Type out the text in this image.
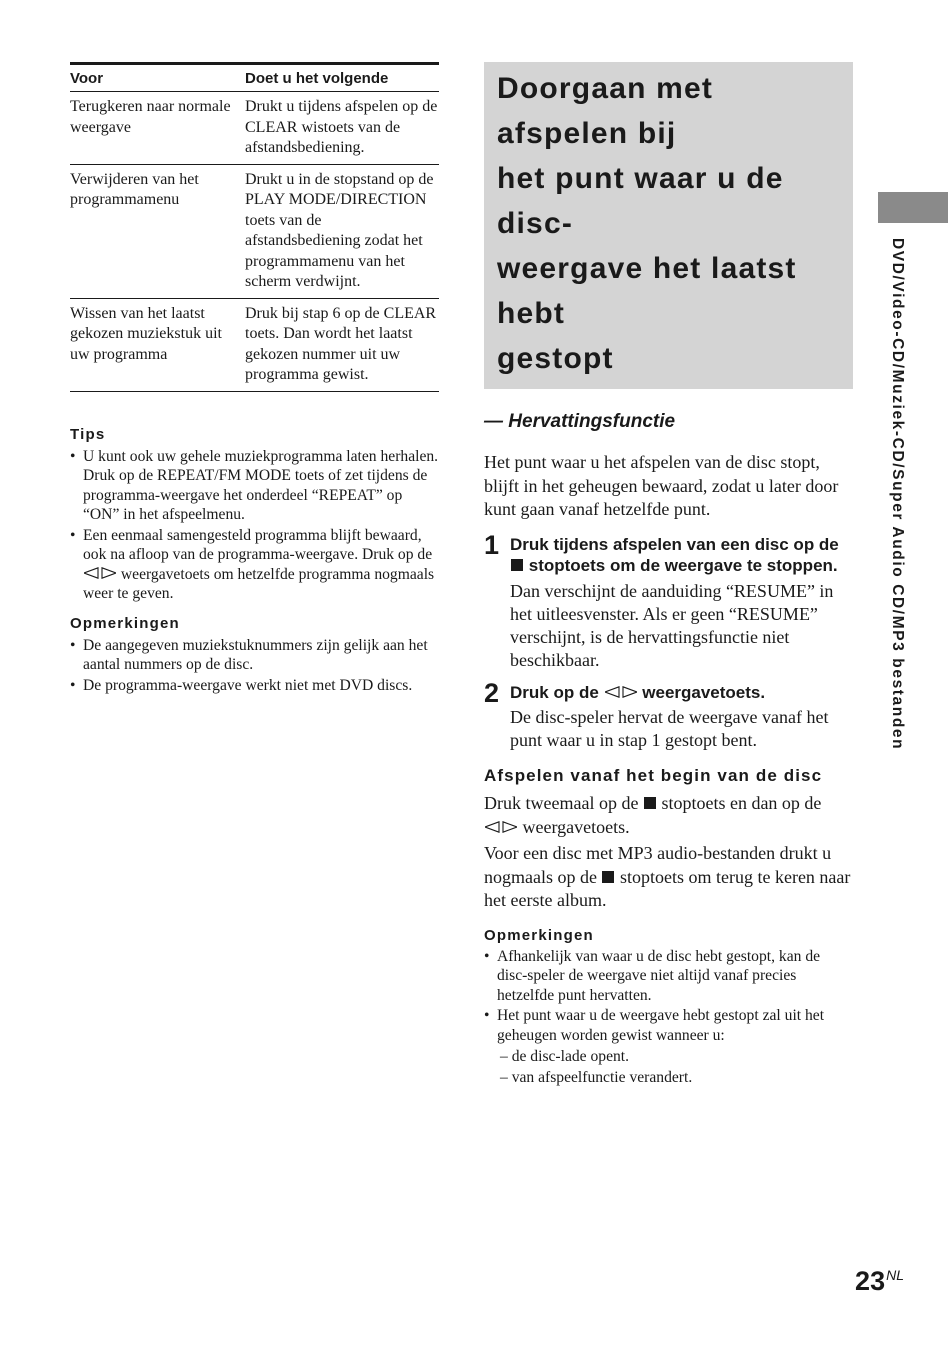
Voor	Doet u het volgende
Terugkeren naar normale weergave	Drukt u tijdens afspelen op de CLEAR wistoets van de afstandsbediening.
Verwijderen van het programmamenu	Drukt u in de stopstand op de PLAY MODE/DIRECTION toets van de afstandsbediening zodat het programmamenu van het scherm verdwijnt.
Wissen van het laatst gekozen muziekstuk uit uw programma	Druk bij stap 6 op de CLEAR toets. Dan wordt het laatst gekozen nummer uit uw programma gewist.

Tips

• U kunt ook uw gehele muziekprogramma laten herhalen. Druk op de REPEAT/FM MODE toets of zet tijdens de programma-weergave het onderdeel “REPEAT” op “ON” in het afspeelmenu.
• Een eenmaal samengesteld programma blijft bewaard, ook na afloop van de programma-weergave. Druk op de  weergavetoets om hetzelfde programma nogmaals weer te geven.

Opmerkingen

• De aangegeven muziekstuknummers zijn gelijk aan het aantal nummers op de disc.
• De programma-weergave werkt niet met DVD discs.
Doorgaan met afspelen bij
het punt waar u de disc-
weergave het laatst hebt
gestopt

— Hervattingsfunctie

Het punt waar u het afspelen van de disc stopt, blijft in het geheugen bewaard, zodat u later door kunt gaan vanaf hetzelfde punt.

1 Druk tijdens afspelen van een disc op de  stoptoets om de weergave te stoppen.

Dan verschijnt de aanduiding “RESUME” in het uitleesvenster. Als er geen “RESUME” verschijnt, is de hervattingsfunctie niet beschikbaar.

2 Druk op de	weergavetoets.

De disc-speler hervat de weergave vanaf het punt waar u in stap 1 gestopt bent.

Afspelen vanaf het begin van de disc

Druk tweemaal op de stoptoets en dan op de  weergavetoets.

Voor een disc met MP3 audio-bestanden drukt u nogmaals op de stoptoets om terug te keren naar het eerste album.

Opmerkingen

• Afhankelijk van waar u de disc hebt gestopt, kan de disc-speler de weergave niet altijd vanaf precies hetzelfde punt hervatten.
• Het punt waar u de weergave hebt gestopt zal uit het geheugen worden gewist wanneer u:

– de disc-lade opent.

– van afspeelfunctie verandert.

DVD/Video-CD/Muziek-CD/Super Audio CD/MP3 bestanden
$23^{NL}$
